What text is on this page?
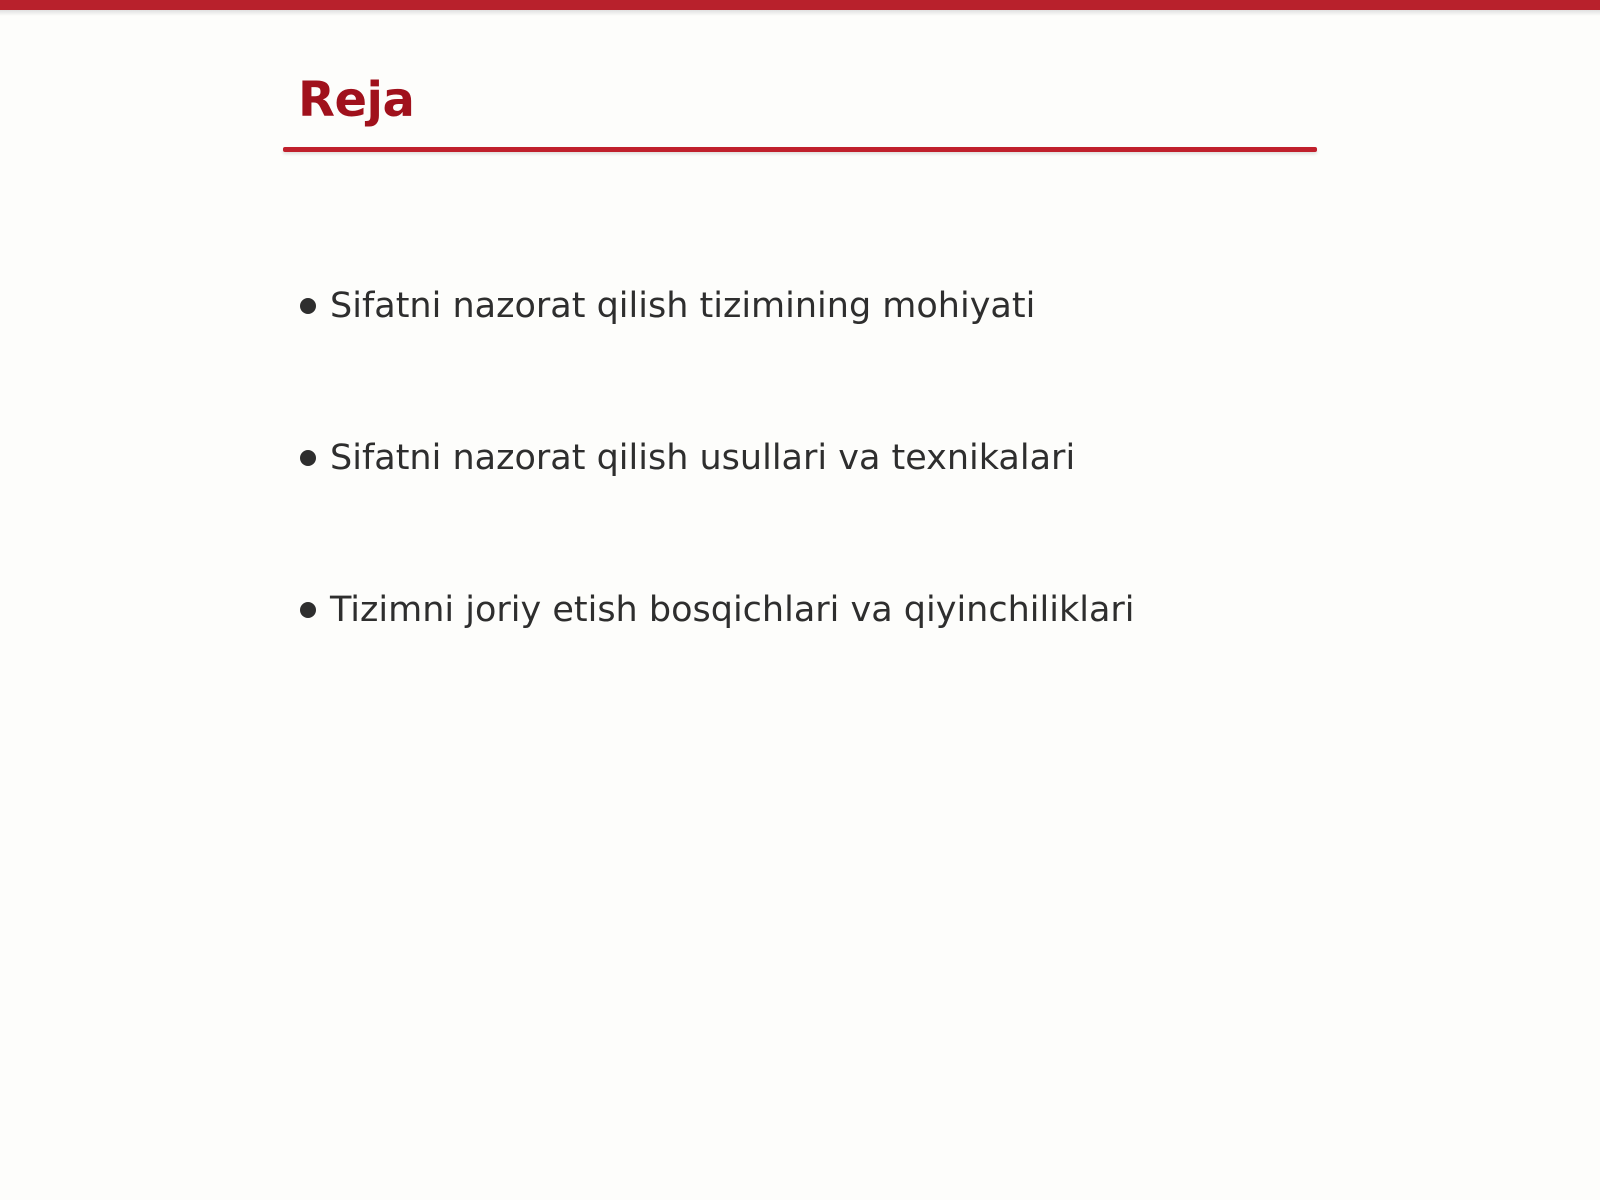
Reja
Sifatni nazorat qilish tizimining mohiyati
Sifatni nazorat qilish usullari va texnikalari
Tizimni joriy etish bosqichlari va qiyinchiliklari
